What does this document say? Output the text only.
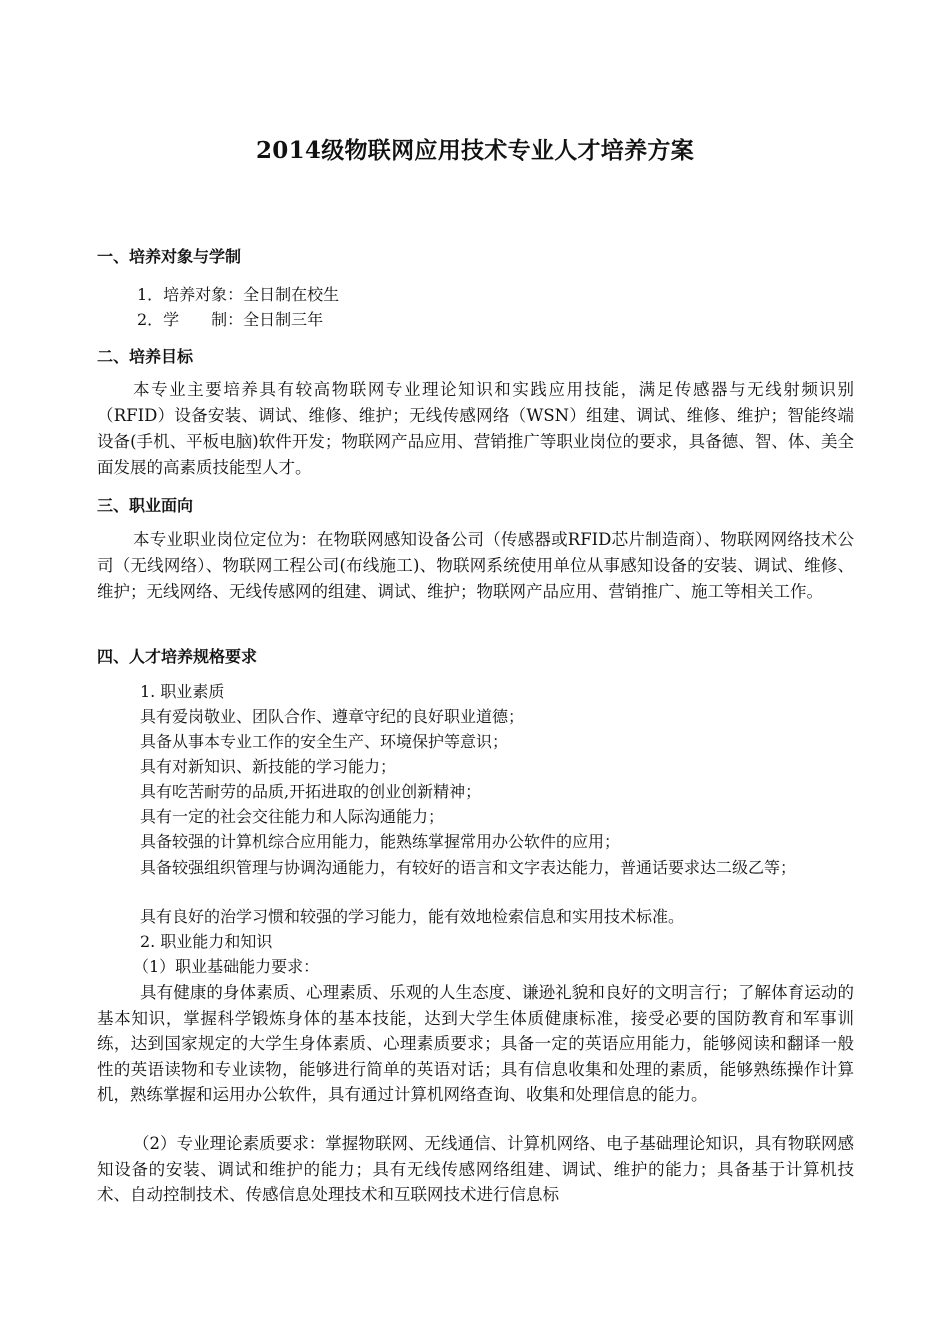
2014级物联网应用技术专业人才培养方案
一、培养对象与学制
1．培养对象：全日制在校生
2．学　　制：全日制三年
二、培养目标
本专业主要培养具有较高物联网专业理论知识和实践应用技能，满足传感器与无线射频识别（RFID）设备安装、调试、维修、维护；无线传感网络（WSN）组建、调试、维修、维护；智能终端设备(手机、平板电脑)软件开发；物联网产品应用、营销推广等职业岗位的要求，具备德、智、体、美全面发展的高素质技能型人才。
三、职业面向
本专业职业岗位定位为：在物联网感知设备公司（传感器或RFID芯片制造商）、物联网网络技术公司（无线网络）、物联网工程公司(布线施工)、物联网系统使用单位从事感知设备的安装、调试、维修、维护；无线网络、无线传感网的组建、调试、维护；物联网产品应用、营销推广、施工等相关工作。
四、人才培养规格要求
1. 职业素质
具有爱岗敬业、团队合作、遵章守纪的良好职业道德；
具备从事本专业工作的安全生产、环境保护等意识；
具有对新知识、新技能的学习能力；
具有吃苦耐劳的品质,开拓进取的创业创新精神；
具有一定的社会交往能力和人际沟通能力；
具备较强的计算机综合应用能力，能熟练掌握常用办公软件的应用；
具备较强组织管理与协调沟通能力，有较好的语言和文字表达能力，普通话要求达二级乙等；
具有良好的治学习惯和较强的学习能力，能有效地检索信息和实用技术标准。
2. 职业能力和知识
（1）职业基础能力要求：
具有健康的身体素质、心理素质、乐观的人生态度、谦逊礼貌和良好的文明言行；了解体育运动的基本知识，掌握科学锻炼身体的基本技能，达到大学生体质健康标准，接受必要的国防教育和军事训练，达到国家规定的大学生身体素质、心理素质要求；具备一定的英语应用能力，能够阅读和翻译一般性的英语读物和专业读物，能够进行简单的英语对话；具有信息收集和处理的素质，能够熟练操作计算机，熟练掌握和运用办公软件，具有通过计算机网络查询、收集和处理信息的能力。
（2）专业理论素质要求：掌握物联网、无线通信、计算机网络、电子基础理论知识，具有物联网感知设备的安装、调试和维护的能力；具有无线传感网络组建、调试、维护的能力；具备基于计算机技术、自动控制技术、传感信息处理技术和互联网技术进行信息标
